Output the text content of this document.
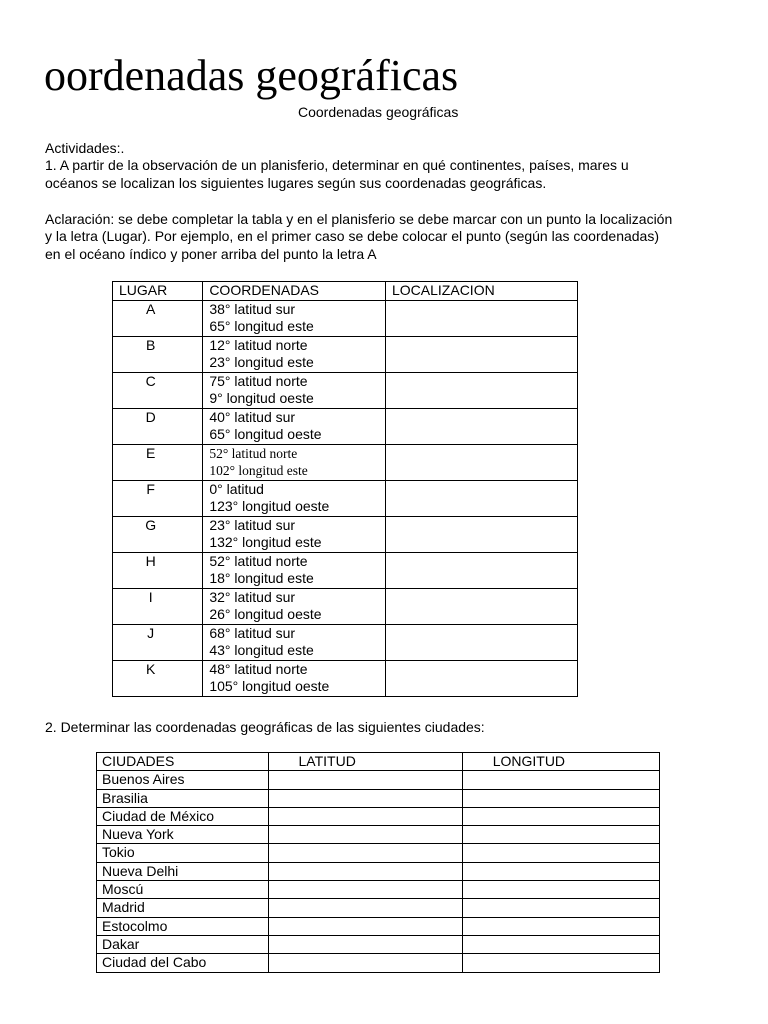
oordenadas geográficas
Coordenadas geográficas
Actividades:.
1. A partir de la observación de un planisferio, determinar en qué continentes, países, mares u
océanos se localizan los siguientes lugares según sus coordenadas geográficas.
Aclaración: se debe completar la tabla y en el planisferio se debe marcar con un punto la localización
y la letra (Lugar). Por ejemplo, en el primer caso se debe colocar el punto (según las coordenadas)
en el océano índico y poner arriba del punto la letra A
LUGAR	COORDENADAS	LOCALIZACION
A	38° latitud sur
65° longitud este	

B	12° latitud norte
23° longitud este	

C	75° latitud norte
9° longitud oeste	

D	40° latitud sur
65° longitud oeste	

E	52° latitud norte
102° longitud este	

F	0° latitud
123° longitud oeste	

G	23° latitud sur
132° longitud este	

H	52° latitud norte
18° longitud este	

I	32° latitud sur
26° longitud oeste	

J	68° latitud sur
43° longitud este	

K	48° latitud norte
105° longitud oeste	

2. Determinar las coordenadas geográficas de las siguientes ciudades:
CIUDADES	LATITUD	LONGITUD
Buenos Aires		
Brasilia		
Ciudad de México		
Nueva York		
Tokio		
Nueva Delhi		
Moscú		
Madrid		
Estocolmo		
Dakar		
Ciudad del Cabo		
